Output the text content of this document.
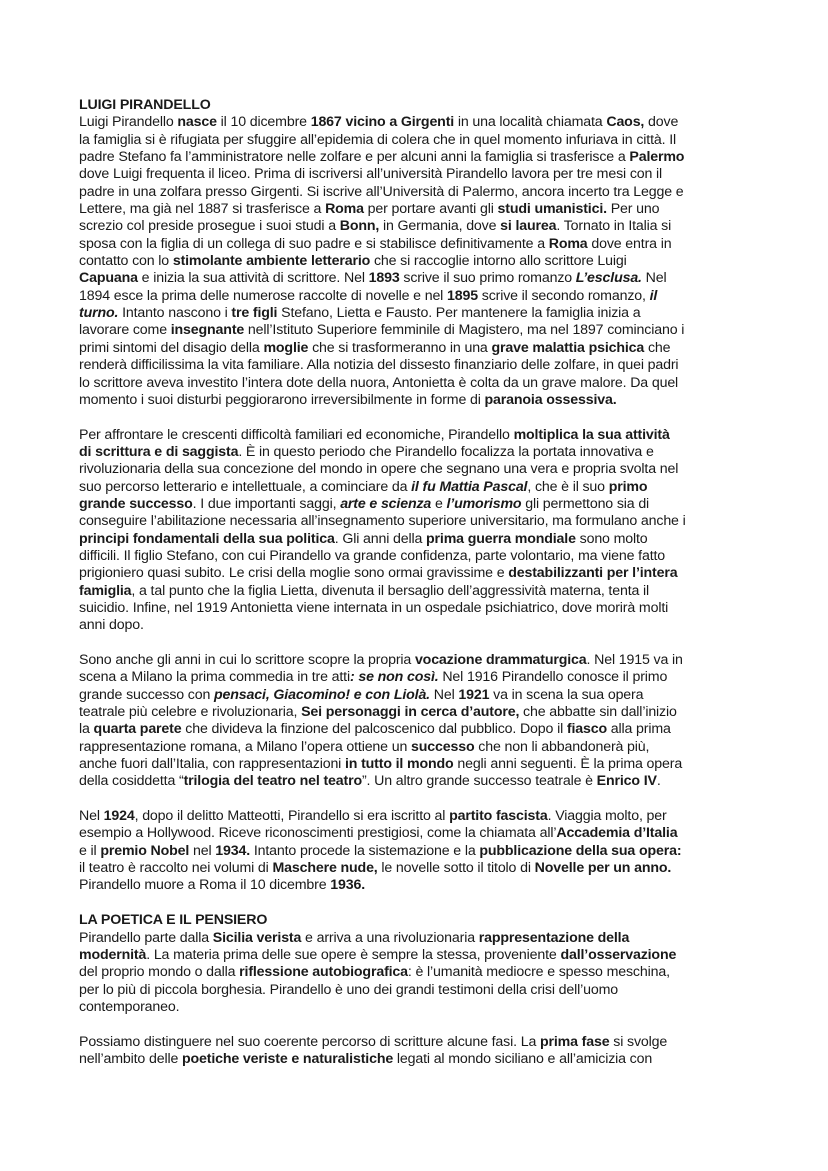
LUIGI PIRANDELLO
Luigi Pirandello nasce il 10 dicembre 1867 vicino a Girgenti in una località chiamata Caos, dove
la famiglia si è rifugiata per sfuggire all’epidemia di colera che in quel momento infuriava in città. Il
padre Stefano fa l’amministratore nelle zolfare e per alcuni anni la famiglia si trasferisce a Palermo
dove Luigi frequenta il liceo. Prima di iscriversi all’università Pirandello lavora per tre mesi con il
padre in una zolfara presso Girgenti. Si iscrive all’Università di Palermo, ancora incerto tra Legge e
Lettere, ma già nel 1887 si trasferisce a Roma per portare avanti gli studi umanistici. Per uno
screzio col preside prosegue i suoi studi a Bonn, in Germania, dove si laurea. Tornato in Italia si
sposa con la figlia di un collega di suo padre e si stabilisce definitivamente a Roma dove entra in
contatto con lo stimolante ambiente letterario che si raccoglie intorno allo scrittore Luigi
Capuana e inizia la sua attività di scrittore. Nel 1893 scrive il suo primo romanzo L’esclusa. Nel
1894 esce la prima delle numerose raccolte di novelle e nel 1895 scrive il secondo romanzo, il
turno. Intanto nascono i tre figli Stefano, Lietta e Fausto. Per mantenere la famiglia inizia a
lavorare come insegnante nell’Istituto Superiore femminile di Magistero, ma nel 1897 cominciano i
primi sintomi del disagio della moglie che si trasformeranno in una grave malattia psichica che
renderà difficilissima la vita familiare. Alla notizia del dissesto finanziario delle zolfare, in quei padri
lo scrittore aveva investito l’intera dote della nuora, Antonietta è colta da un grave malore. Da quel
momento i suoi disturbi peggiorarono irreversibilmente in forme di paranoia ossessiva.
Per affrontare le crescenti difficoltà familiari ed economiche, Pirandello moltiplica la sua attività
di scrittura e di saggista. È in questo periodo che Pirandello focalizza la portata innovativa e
rivoluzionaria della sua concezione del mondo in opere che segnano una vera e propria svolta nel
suo percorso letterario e intellettuale, a cominciare da il fu Mattia Pascal, che è il suo primo
grande successo. I due importanti saggi, arte e scienza e l’umorismo gli permettono sia di
conseguire l’abilitazione necessaria all’insegnamento superiore universitario, ma formulano anche i
principi fondamentali della sua politica. Gli anni della prima guerra mondiale sono molto
difficili. Il figlio Stefano, con cui Pirandello va grande confidenza, parte volontario, ma viene fatto
prigioniero quasi subito. Le crisi della moglie sono ormai gravissime e destabilizzanti per l’intera
famiglia, a tal punto che la figlia Lietta, divenuta il bersaglio dell’aggressività materna, tenta il
suicidio. Infine, nel 1919 Antonietta viene internata in un ospedale psichiatrico, dove morirà molti
anni dopo.
Sono anche gli anni in cui lo scrittore scopre la propria vocazione drammaturgica. Nel 1915 va in
scena a Milano la prima commedia in tre atti: se non così. Nel 1916 Pirandello conosce il primo
grande successo con pensaci, Giacomino! e con Liolà. Nel 1921 va in scena la sua opera
teatrale più celebre e rivoluzionaria, Sei personaggi in cerca d’autore, che abbatte sin dall’inizio
la quarta parete che divideva la finzione del palcoscenico dal pubblico. Dopo il fiasco alla prima
rappresentazione romana, a Milano l’opera ottiene un successo che non li abbandonerà più,
anche fuori dall’Italia, con rappresentazioni in tutto il mondo negli anni seguenti. È la prima opera
della cosiddetta “trilogia del teatro nel teatro”. Un altro grande successo teatrale è Enrico IV.
Nel 1924, dopo il delitto Matteotti, Pirandello si era iscritto al partito fascista. Viaggia molto, per
esempio a Hollywood. Riceve riconoscimenti prestigiosi, come la chiamata all’Accademia d’Italia
e il premio Nobel nel 1934. Intanto procede la sistemazione e la pubblicazione della sua opera:
il teatro è raccolto nei volumi di Maschere nude, le novelle sotto il titolo di Novelle per un anno.
Pirandello muore a Roma il 10 dicembre 1936.
LA POETICA E IL PENSIERO
Pirandello parte dalla Sicilia verista e arriva a una rivoluzionaria rappresentazione della
modernità. La materia prima delle sue opere è sempre la stessa, proveniente dall’osservazione
del proprio mondo o dalla riflessione autobiografica: è l’umanità mediocre e spesso meschina,
per lo più di piccola borghesia. Pirandello è uno dei grandi testimoni della crisi dell’uomo
contemporaneo.
Possiamo distinguere nel suo coerente percorso di scritture alcune fasi. La prima fase si svolge
nell’ambito delle poetiche veriste e naturalistiche legati al mondo siciliano e all’amicizia con
